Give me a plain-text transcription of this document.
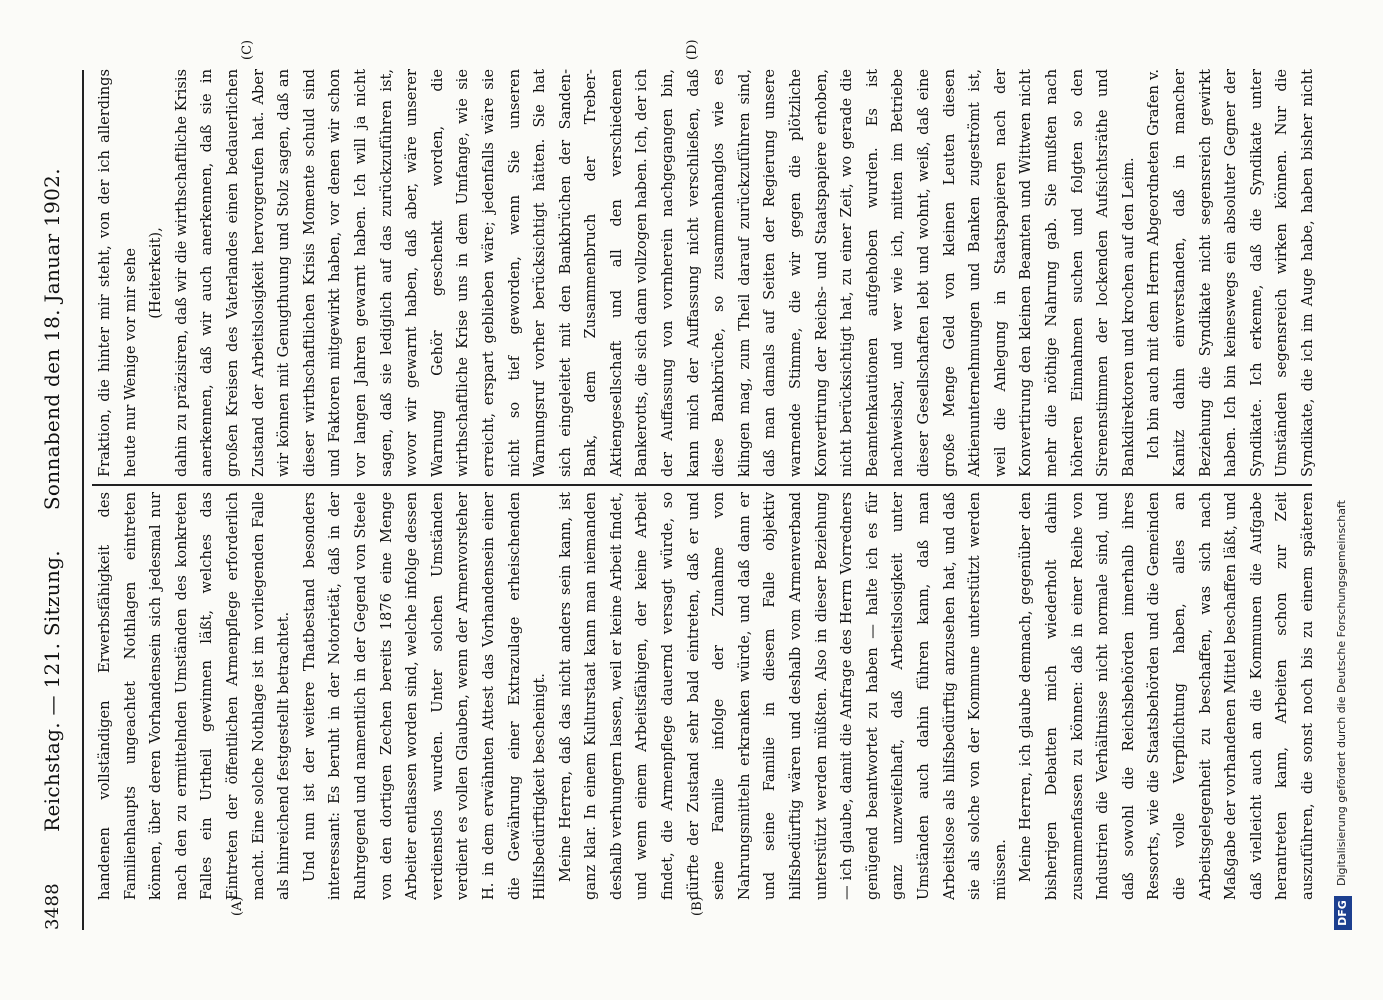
3488
Reichstag. — 121. Sitzung.Sonnabend den 18. Januar 1902.
(A)	(B)
(C)	(D)

handenen vollständigen Erwerbsfähigkeit des Familienhaupts ungeachtet Nothlagen eintreten können, über deren Vorhandensein sich jedesmal nur nach den zu ermittelnden Umständen des konkreten Falles ein Urtheil gewinnen läßt, welches das Eintreten der öffentlichen Armenpflege erforderlich macht. Eine solche Nothlage ist im vorliegenden Falle als hinreichend festgestellt betrachtet. Und nun ist der weitere Thatbestand besonders interessant: Es beruht in der Notorietät, daß in der Ruhrgegend und namentlich in der Gegend von Steele von den dortigen Zechen bereits 1876 eine Menge Arbeiter entlassen worden sind, welche infolge dessen verdienstlos wurden. Unter solchen Umständen verdient es vollen Glauben, wenn der Armenvorsteher H. in dem erwähnten Attest das Vorhandensein einer die Gewährung einer Extrazulage erheischenden Hilfsbedürftigkeit bescheinigt. Meine Herren, daß das nicht anders sein kann, ist ganz klar. In einem Kulturstaat kann man niemanden deshalb verhungern lassen, weil er keine Arbeit findet, und wenn einem Arbeitsfähigen, der keine Arbeit findet, die Armenpflege dauernd versagt würde, so dürfte der Zustand sehr bald eintreten, daß er und seine Familie infolge der Zunahme von Nahrungsmitteln erkranken würde, und daß dann er und seine Familie in diesem Falle objektiv hilfsbedürftig wären und deshalb vom Armenverband unterstützt werden müßten. Also in dieser Beziehung — ich glaube, damit die Anfrage des Herrn Vorredners genügend beantwortet zu haben — halte ich es für ganz unzweifelhaft, daß Arbeitslosigkeit unter Umständen auch dahin führen kann, daß man Arbeitslose als hilfsbedürftig anzusehen hat, und daß sie als solche von der Kommune unterstützt werden müssen. Meine Herren, ich glaube demnach, gegenüber den bisherigen Debatten mich wiederholt dahin zusammenfassen zu können: daß in einer Reihe von Industrien die Verhältnisse nicht normale sind, und daß sowohl die Reichsbehörden innerhalb ihres Ressorts, wie die Staatsbehörden und die Gemeinden die volle Verpflichtung haben, alles an Arbeitsgelegenheit zu beschaffen, was sich nach Maßgabe der vorhandenen Mittel beschaffen läßt, und daß vielleicht auch an die Kommunen die Aufgabe herantreten kann, Arbeiten schon zur Zeit auszuführen, die sonst noch bis zu einem späteren

Fraktion, die hinter mir steht, von der ich allerdings heute nur Wenige vor mir sehe (Heiterkeit), dahin zu präzisiren, daß wir die wirthschaftliche Krisis anerkennen, daß wir auch anerkennen, daß sie in großen Kreisen des Vaterlandes einen bedauerlichen Zustand der Arbeitslosigkeit hervorgerufen hat. Aber wir können mit Genugthuung und Stolz sagen, daß an dieser wirthschaftlichen Krisis Momente schuld sind und Faktoren mitgewirkt haben, vor denen wir schon vor langen Jahren gewarnt haben. Ich will ja nicht sagen, daß sie lediglich auf das zurückzuführen ist, wovor wir gewarnt haben, daß aber, wäre unserer Warnung Gehör geschenkt worden, die wirthschaftliche Krise uns in dem Umfange, wie sie erreicht, erspart geblieben wäre; jedenfalls wäre sie nicht so tief geworden, wenn Sie unseren Warnungsruf vorher berücksichtigt hätten. Sie hat sich eingeleitet mit den Bankbrüchen der Sanden-Bank, dem Zusammenbruch der Treber-Aktiengesellschaft und all den verschiedenen Bankerotts, die sich dann vollzogen haben. Ich, der ich der Auffassung von vornherein nachgegangen bin, kann mich der Auffassung nicht verschließen, daß diese Bankbrüche, so zusammenhanglos wie es klingen mag, zum Theil darauf zurückzuführen sind, daß man damals auf Seiten der Regierung unsere warnende Stimme, die wir gegen die plötzliche Konvertirung der Reichs- und Staatspapiere erhoben, nicht berücksichtigt hat, zu einer Zeit, wo gerade die Beamtenkautionen aufgehoben wurden. Es ist nachweisbar, und wer wie ich, mitten im Betriebe dieser Gesellschaften lebt und wohnt, weiß, daß eine große Menge Geld von kleinen Leuten diesen Aktienunternehmungen und Banken zugeströmt ist, weil die Anlegung in Staatspapieren nach der Konvertirung den kleinen Beamten und Wittwen nicht mehr die nöthige Nahrung gab. Sie mußten nach höheren Einnahmen suchen und folgten so den Sirenenstimmen der lockenden Aufsichtsräthe und Bankdirektoren und krochen auf den Leim. Ich bin auch mit dem Herrn Abgeordneten Grafen v. Kanitz dahin einverstanden, daß in mancher Beziehung die Syndikate nicht segensreich gewirkt haben. Ich bin keineswegs ein absoluter Gegner der Syndikate. Ich erkenne, daß die Syndikate unter Umständen segensreich wirken können. Nur die Syndikate, die ich im Auge habe, haben bisher nicht

DFG
Digitalisierung gefördert durch die Deutsche Forschungsgemeinschaft
